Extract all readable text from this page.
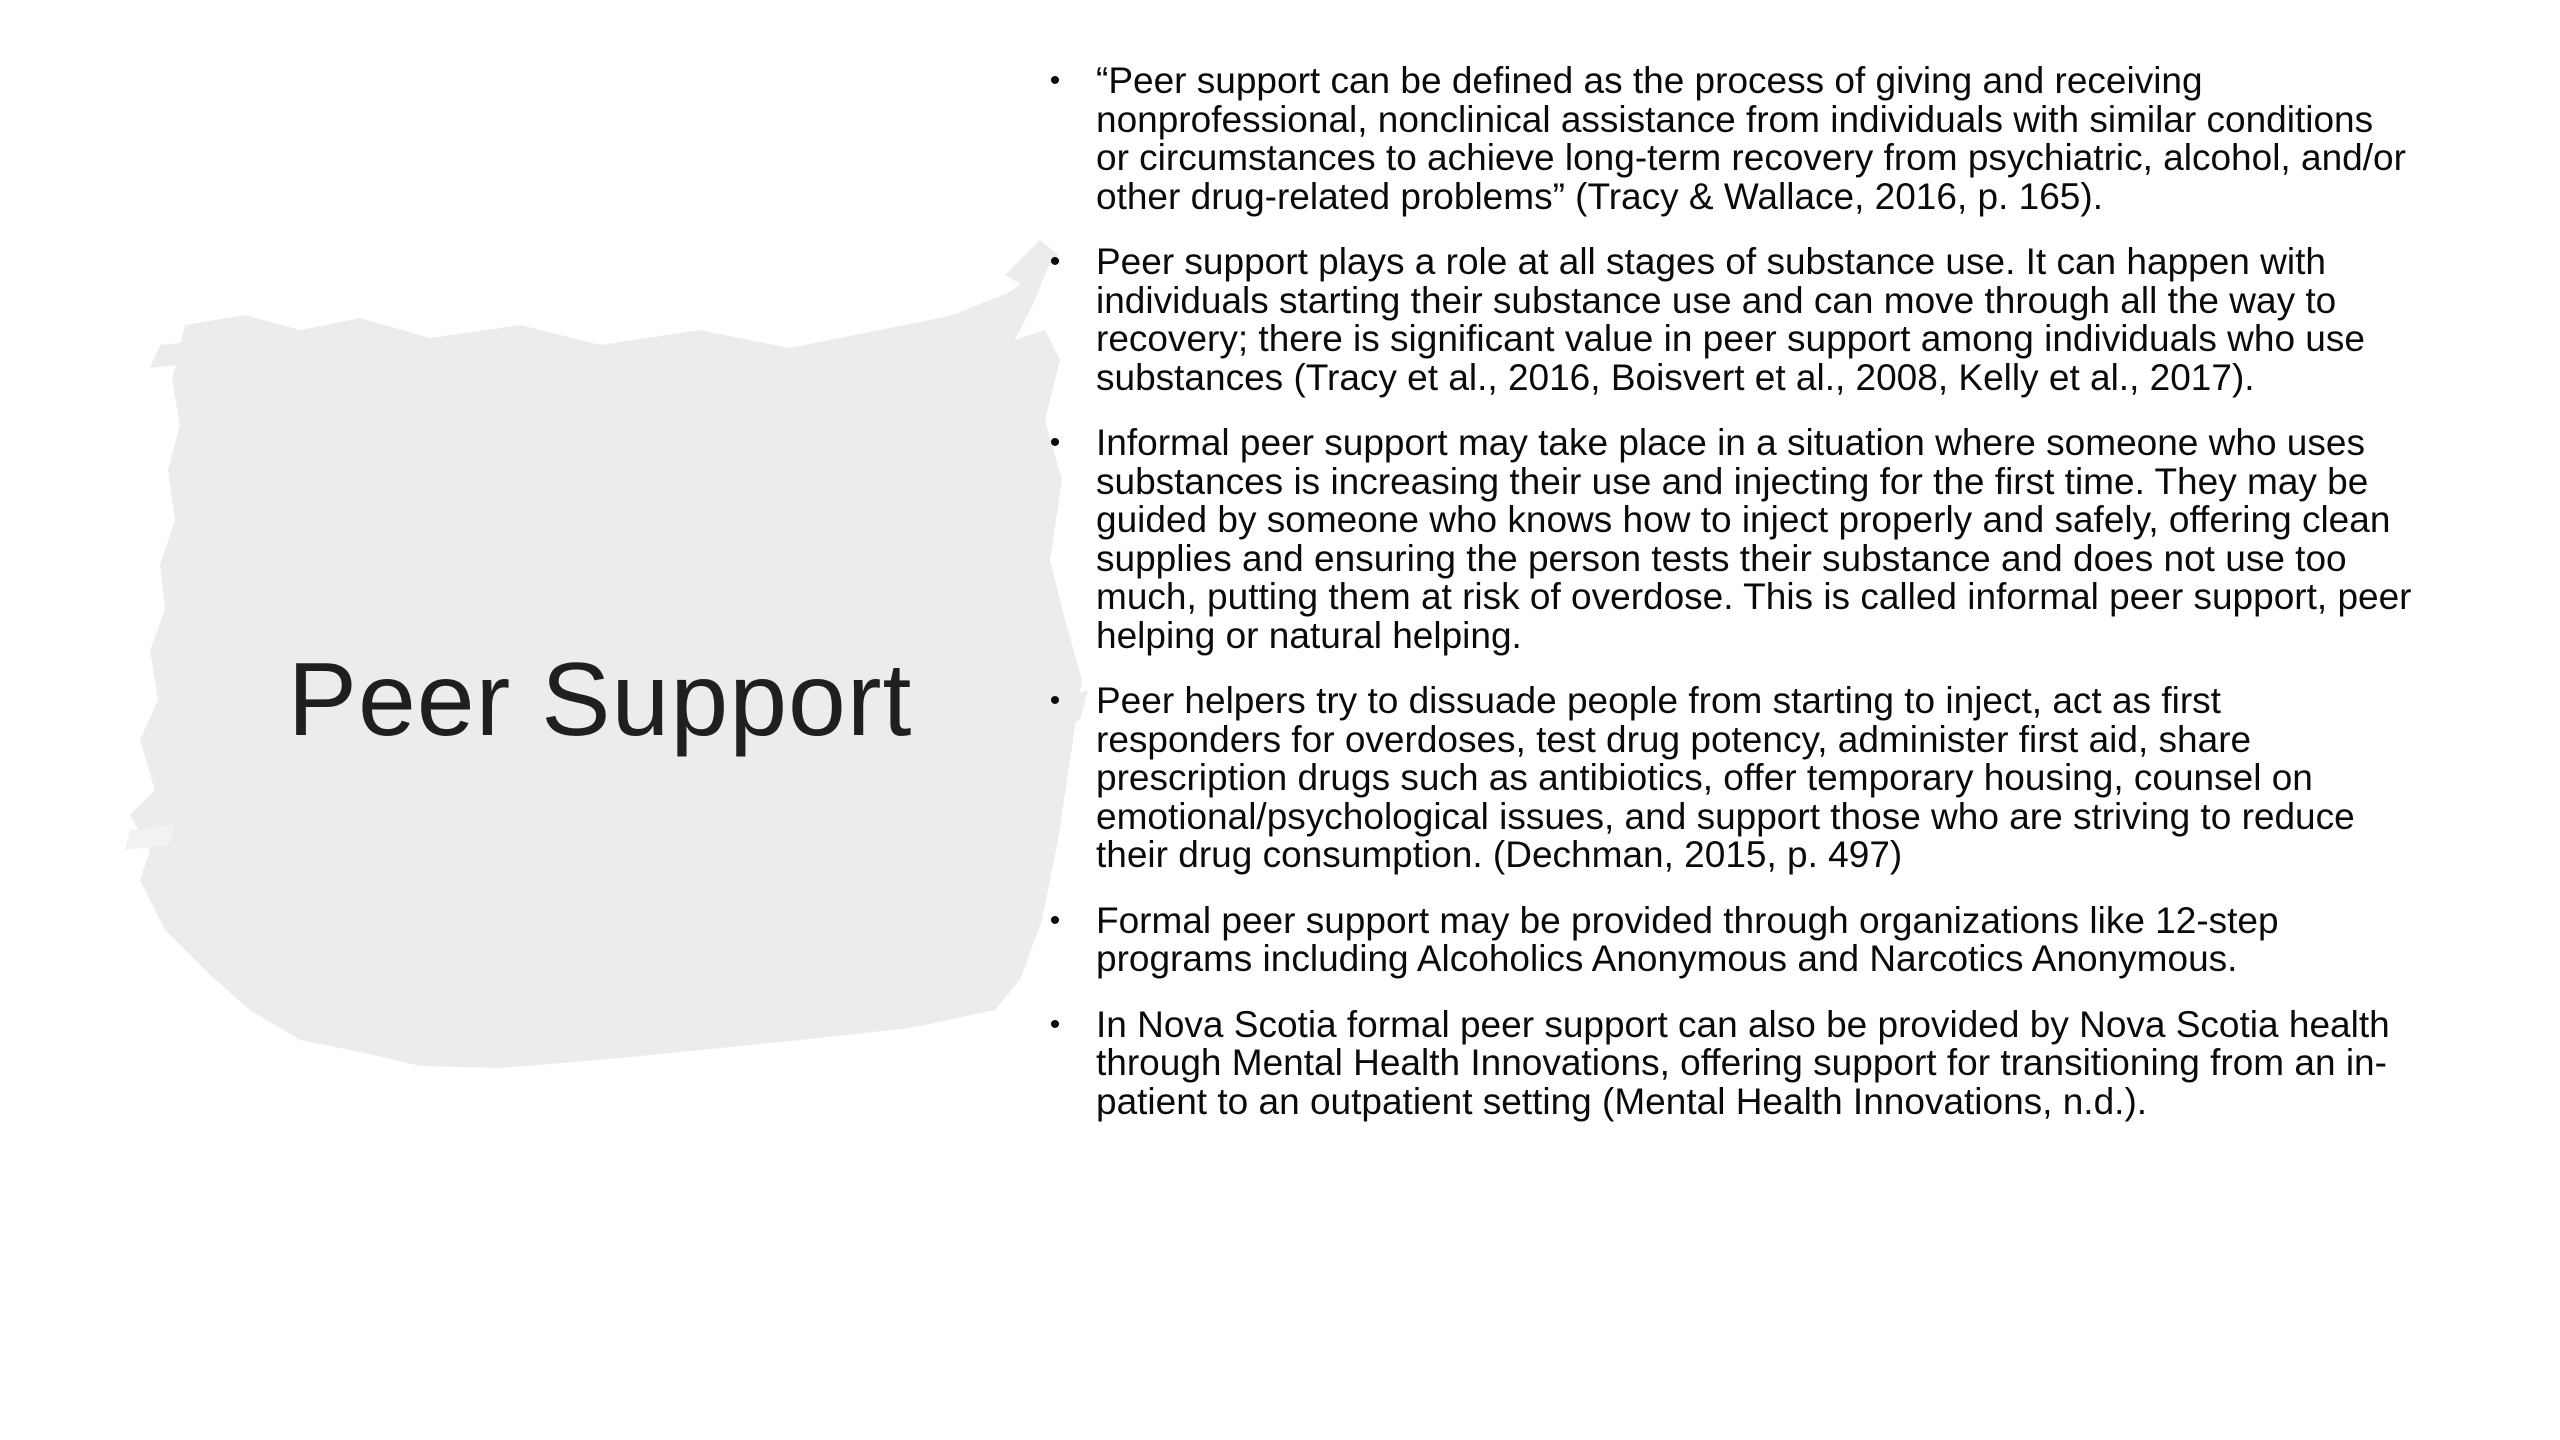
Peer Support
• “Peer support can be defined as the process of giving and receiving nonprofessional, nonclinical assistance from individuals with similar conditions or circumstances to achieve long-term recovery from psychiatric, alcohol, and/or other drug-related problems” (Tracy & Wallace, 2016, p. 165).
• Peer support plays a role at all stages of substance use. It can happen with individuals starting their substance use and can move through all the way to recovery; there is significant value in peer support among individuals who use substances (Tracy et al., 2016, Boisvert et al., 2008, Kelly et al., 2017).
• Informal peer support may take place in a situation where someone who uses substances is increasing their use and injecting for the first time. They may be guided by someone who knows how to inject properly and safely, offering clean supplies and ensuring the person tests their substance and does not use too much, putting them at risk of overdose. This is called informal peer support, peer helping or natural helping.
• Peer helpers try to dissuade people from starting to inject, act as first responders for overdoses, test drug potency, administer first aid, share prescription drugs such as antibiotics, offer temporary housing, counsel on emotional/psychological issues, and support those who are striving to reduce their drug consumption. (Dechman, 2015, p. 497)
• Formal peer support may be provided through organizations like 12-step programs including Alcoholics Anonymous and Narcotics Anonymous.
• In Nova Scotia formal peer support can also be provided by Nova Scotia health through Mental Health Innovations, offering support for transitioning from an in-patient to an outpatient setting (Mental Health Innovations, n.d.).
